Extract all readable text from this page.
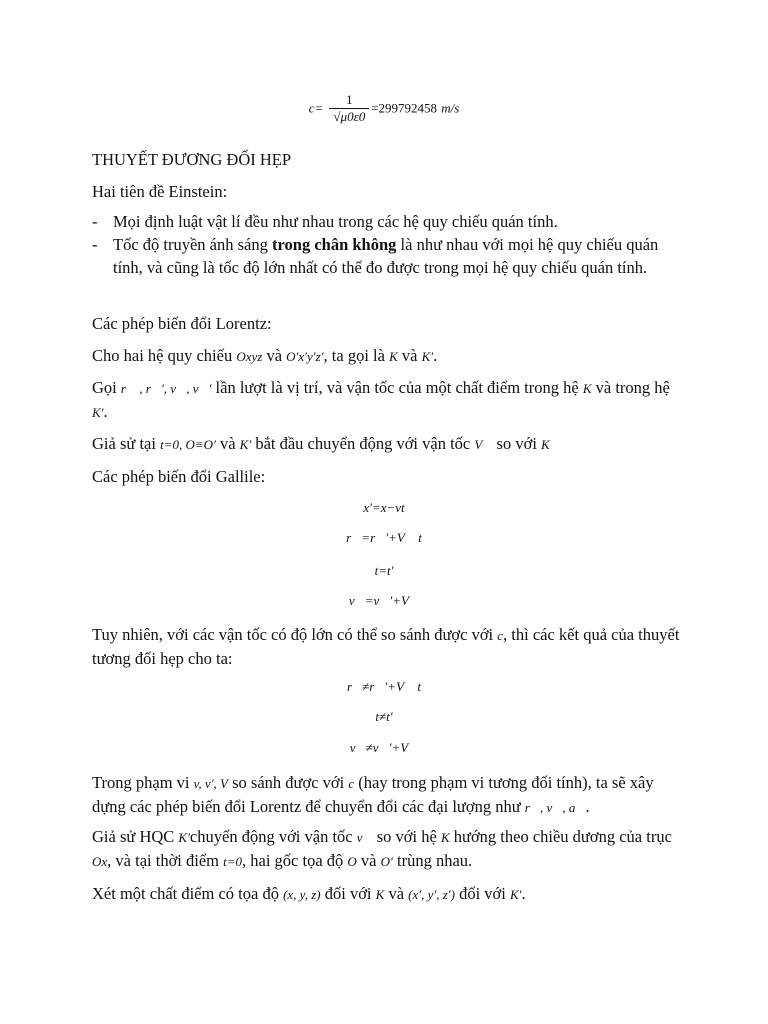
$c= \frac{1}{√\mu 0\varepsilon 0} =299792458$ m/s
THUYẾT ĐƯƠNG ĐỐI HẸP
Hai tiên đề Einstein:
- Mọi định luật vật lí đều như nhau trong các hệ quy chiếu quán tính.
- Tốc độ truyền ánh sáng trong chân không là như nhau với mọi hệ quy chiếu quán tính, và cũng là tốc độ lớn nhất có thể đo được trong mọi hệ quy chiếu quán tính.
Các phép biến đổi Lorentz:
Cho hai hệ quy chiếu Oxyz và O′x′y′z′, ta gọi là K và K′.
Gọi r⃗ , r⃗′, v⃗, v⃗′ lần lượt là vị trí, và vận tốc của một chất điểm trong hệ K và trong hệ K′.
Giả sử tại t=0, O≡O′ và K′ bắt đầu chuyển động với vận tốc V⃗ so với K
Các phép biến đổi Gallile:
x′=x−vt
r⃗=r⃗′+V⃗ t
t=t′
v⃗=v⃗′+V⃗
Tuy nhiên, với các vận tốc có độ lớn có thể so sánh được với c, thì các kết quả của thuyết tương đối hẹp cho ta:
r⃗≠r⃗′+V⃗ t
t≠t′
v⃗≠v⃗′+V⃗
Trong phạm vi v, v′, V so sánh được với c (hay trong phạm vi tương đối tính), ta sẽ xây dựng các phép biến đổi Lorentz để chuyển đổi các đại lượng như r⃗, v⃗, a⃗.
Giả sử HQC K′chuyển động với vận tốc v⃗ so với hệ K hướng theo chiều dương của trục Ox, và tại thời điểm t=0, hai gốc tọa độ O và O′ trùng nhau.
Xét một chất điểm có tọa độ (x, y, z) đối với K và (x′, y′, z′) đối với K′.
